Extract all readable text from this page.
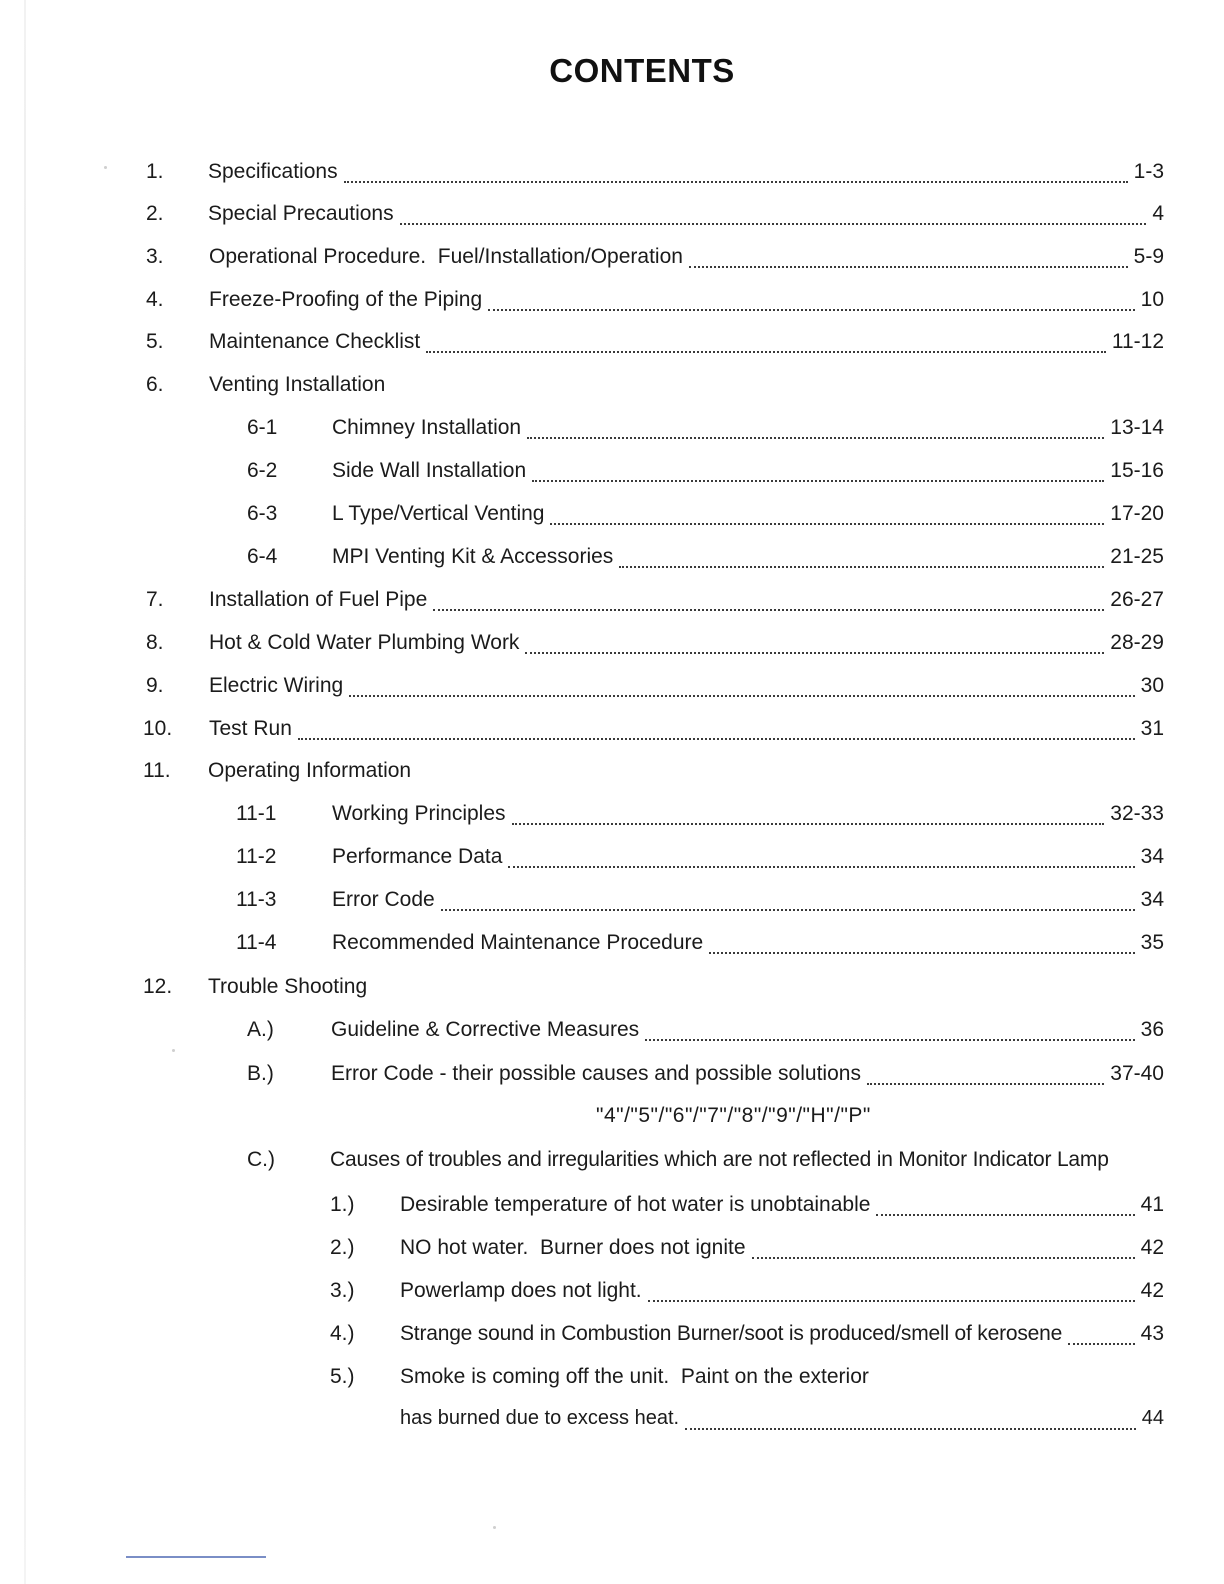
CONTENTS
1. Specifications	1-3
2. Special Precautions	4
3. Operational Procedure.  Fuel/Installation/Operation	5-9
4. Freeze-Proofing of the Piping	10
5. Maintenance Checklist	11-12
6. Venting Installation
6-1	Chimney Installation	13-14
6-2	Side Wall Installation	15-16
6-3	L Type/Vertical Venting	17-20
6-4	MPI Venting Kit & Accessories	21-25
7. Installation of Fuel Pipe	26-27
8. Hot & Cold Water Plumbing Work	28-29
9. Electric Wiring	30
10. Test Run	31
11. Operating Information
11-1	Working Principles	32-33
11-2	Performance Data	34
11-3	Error Code	34
11-4	Recommended Maintenance Procedure	35
12. Trouble Shooting
A.)	Guideline & Corrective Measures	36
B.)	Error Code - their possible causes and possible solutions	37-40
"4"/"5"/"6"/"7"/"8"/"9"/"H"/"P"
C.)	Causes of troubles and irregularities which are not reflected in Monitor Indicator Lamp
1.) Desirable temperature of hot water is unobtainable	41
2.) NO hot water.  Burner does not ignite	42
3.) Powerlamp does not light.	42
4.) Strange sound in Combustion Burner/soot is produced/smell of kerosene	43
5.) Smoke is coming off the unit.  Paint on the exterior
has burned due to excess heat.	44
